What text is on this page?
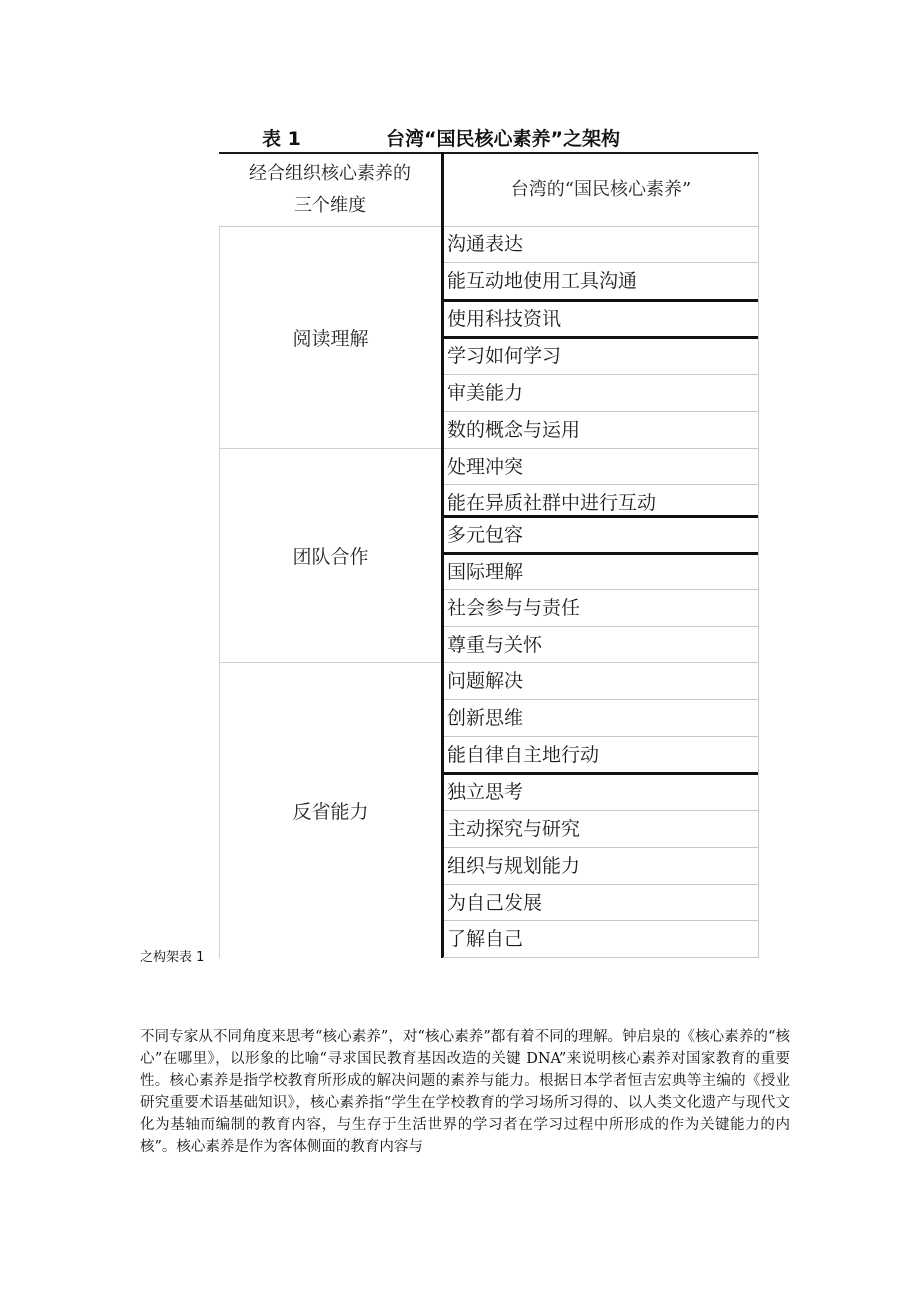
表 1	台湾“国民核心素养”之架构
经合组织核心素养的
三个维度
台湾的“国民核心素养”
阅读理解
团队合作
反省能力
沟通表达
能互动地使用工具沟通
使用科技资讯
学习如何学习
审美能力
数的概念与运用
处理冲突
能在异质社群中进行互动
多元包容
国际理解
社会参与与责任
尊重与关怀
问题解决
创新思维
能自律自主地行动
独立思考
主动探究与研究
组织与规划能力
为自己发展
了解自己
之构架表 1
不同专家从不同角度来思考“核心素养”，对“核心素养”都有着不同的理解。钟启泉的《核心素养的“核心”在哪里》，以形象的比喻“寻求国民教育基因改造的关键 DNA”来说明核心素养对国家教育的重要性。核心素养是指学校教育所形成的解决问题的素养与能力。根据日本学者恒吉宏典等主编的《授业研究重要术语基础知识》，核心素养指“学生在学校教育的学习场所习得的、以人类文化遗产与现代文化为基轴而编制的教育内容，与生存于生活世界的学习者在学习过程中所形成的作为关键能力的内核”。核心素养是作为客体侧面的教育内容与
